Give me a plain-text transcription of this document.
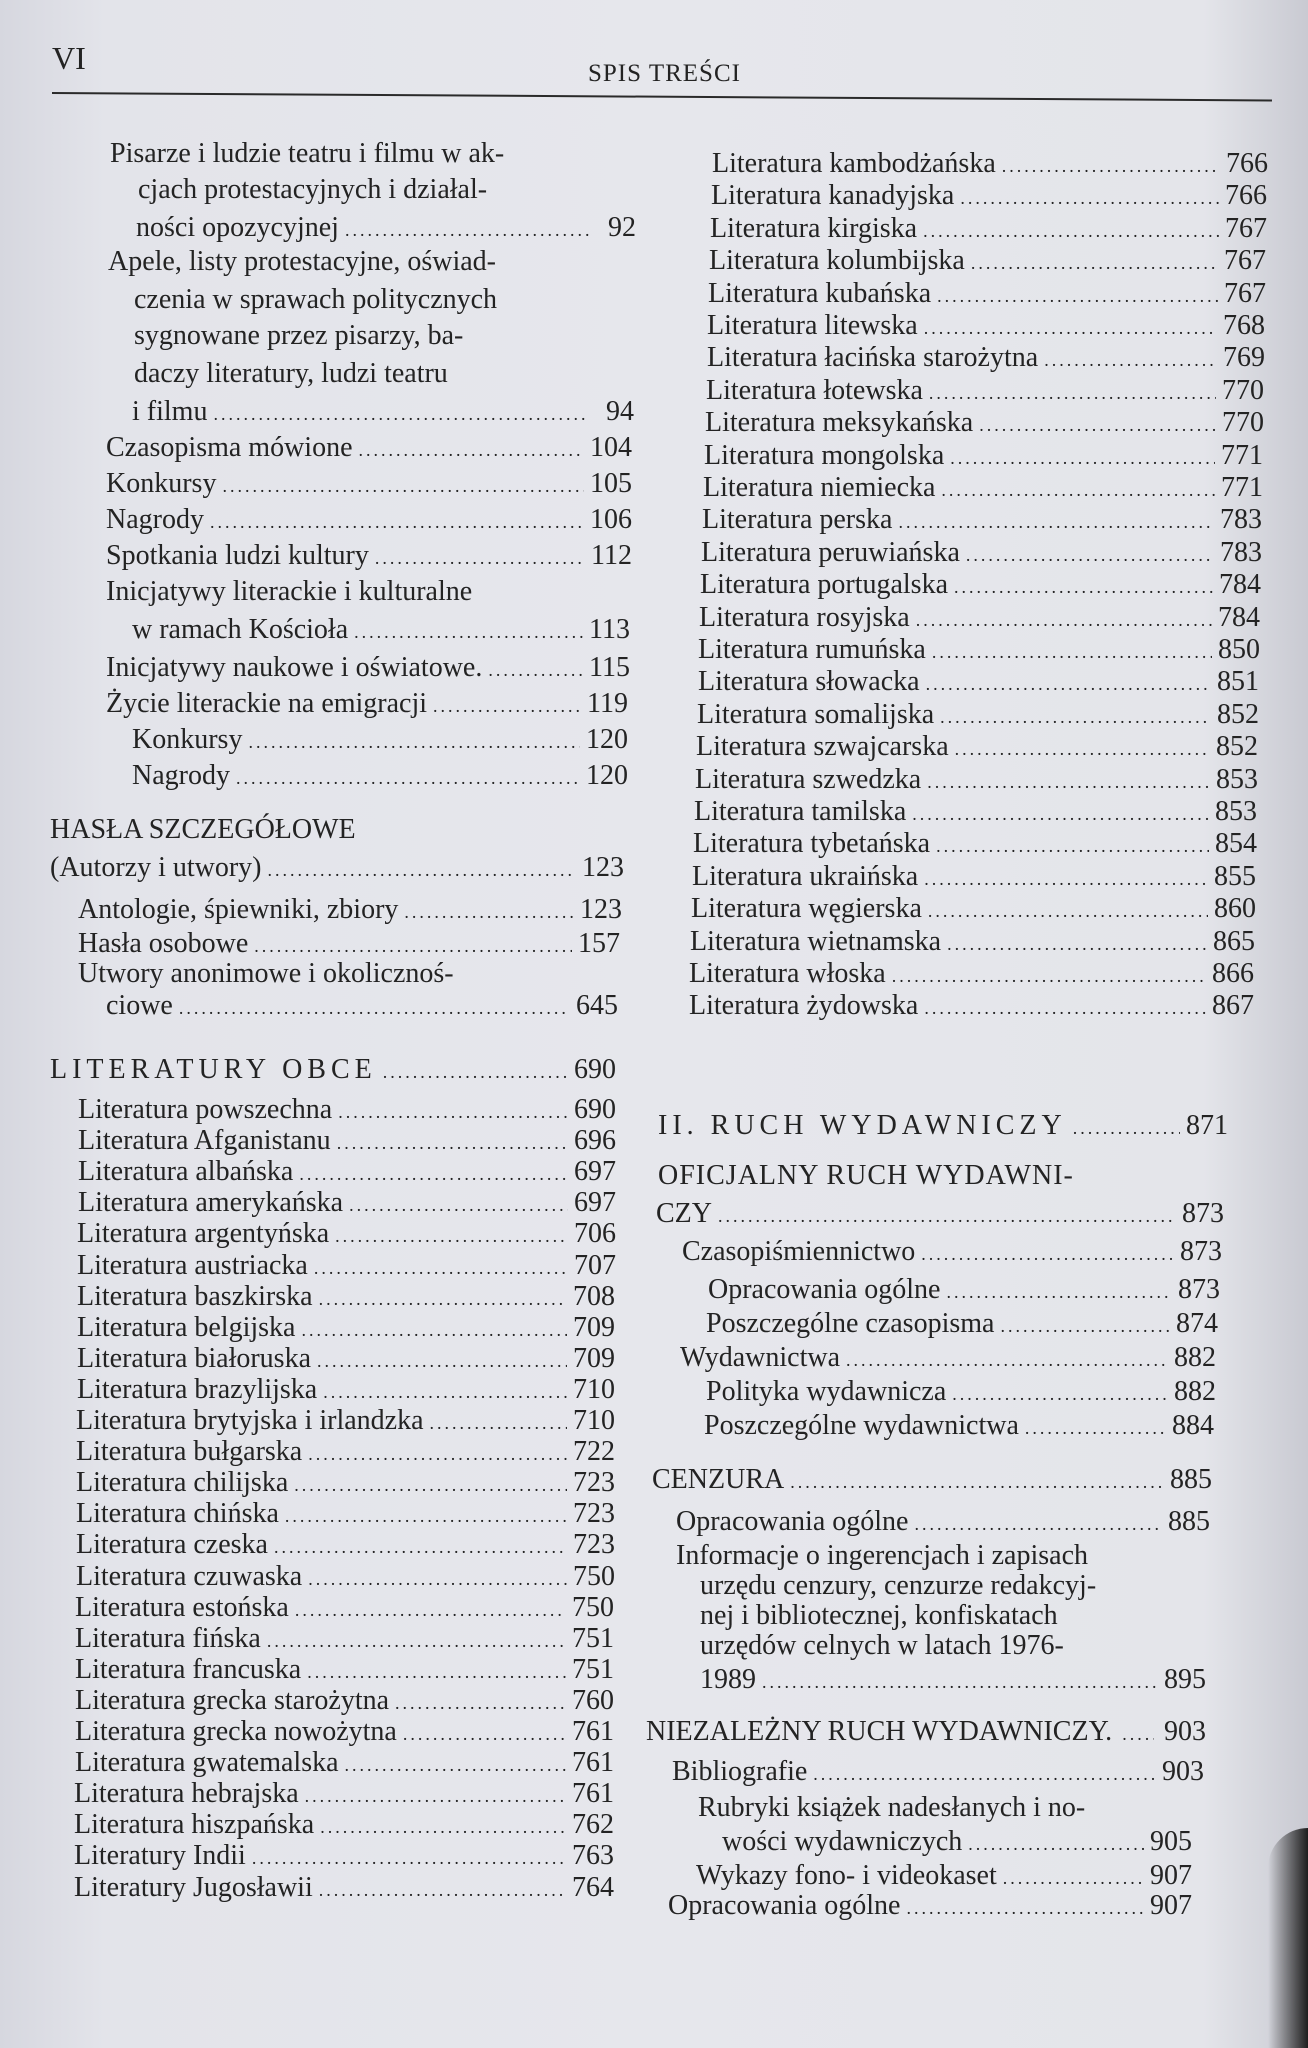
VI	SPIS TREŚCI
Pisarze i ludzie teatru i filmu w ak-
cjach protestacyjnych i działal-
ności opozycyjnej .....	92
Apele, listy protestacyjne, oświad-
czenia w sprawach politycznych
sygnowane przez pisarzy, ba-
daczy literatury, ludzi teatru
i filmu .....	94
Czasopisma mówione .....	104
Konkursy .....	105
Nagrody .....	106
Spotkania ludzi kultury .....	112
Inicjatywy literackie i kulturalne
w ramach Kościoła .....	113
Inicjatywy naukowe i oświatowe. .....	115
Życie literackie na emigracji .....	119
Konkursy .....	120
Nagrody .....	120
HASŁA SZCZEGÓŁOWE
(Autorzy i utwory) .....	123
Antologie, śpiewniki, zbiory .....	123
Hasła osobowe .....	157
Utwory anonimowe i okolicznoś-
ciowe .....	645
LITERATURY OBCE .....	690
Literatura powszechna .....	690
Literatura Afganistanu .....	696
Literatura albańska .....	697
Literatura amerykańska .....	697
Literatura argentyńska .....	706
Literatura austriacka .....	707
Literatura baszkirska .....	708
Literatura belgijska .....	709
Literatura białoruska .....	709
Literatura brazylijska .....	710
Literatura brytyjska i irlandzka .....	710
Literatura bułgarska .....	722
Literatura chilijska .....	723
Literatura chińska .....	723
Literatura czeska .....	723
Literatura czuwaska .....	750
Literatura estońska .....	750
Literatura fińska .....	751
Literatura francuska .....	751
Literatura grecka starożytna .....	760
Literatura grecka nowożytna .....	761
Literatura gwatemalska .....	761
Literatura hebrajska .....	761
Literatura hiszpańska .....	762
Literatury Indii .....	763
Literatury Jugosławii .....	764
Literatura kambodżańska .....	766
Literatura kanadyjska .....	766
Literatura kirgiska .....	767
Literatura kolumbijska .....	767
Literatura kubańska .....	767
Literatura litewska .....	768
Literatura łacińska starożytna .....	769
Literatura łotewska .....	770
Literatura meksykańska .....	770
Literatura mongolska .....	771
Literatura niemiecka .....	771
Literatura perska .....	783
Literatura peruwiańska .....	783
Literatura portugalska .....	784
Literatura rosyjska .....	784
Literatura rumuńska .....	850
Literatura słowacka .....	851
Literatura somalijska .....	852
Literatura szwajcarska .....	852
Literatura szwedzka .....	853
Literatura tamilska .....	853
Literatura tybetańska .....	854
Literatura ukraińska .....	855
Literatura węgierska .....	860
Literatura wietnamska .....	865
Literatura włoska .....	866
Literatura żydowska .....	867
II. RUCH WYDAWNICZY .....	871
OFICJALNY RUCH WYDAWNI-
CZY .....	873
Czasopiśmiennictwo .....	873
Opracowania ogólne .....	873
Poszczególne czasopisma .....	874
Wydawnictwa .....	882
Polityka wydawnicza .....	882
Poszczególne wydawnictwa .....	884
CENZURA .....	885
Opracowania ogólne .....	885
Informacje o ingerencjach i zapisach
urzędu cenzury, cenzurze redakcyj-
nej i bibliotecznej, konfiskatach
urzędów celnych w latach 1976-
1989 .....	895
NIEZALEŻNY RUCH WYDAWNICZY. ..... 903
Bibliografie .....	903
Rubryki książek nadesłanych i no-
wości wydawniczych .....	905
Wykazy fono- i videokaset .....	907
Opracowania ogólne .....	907
